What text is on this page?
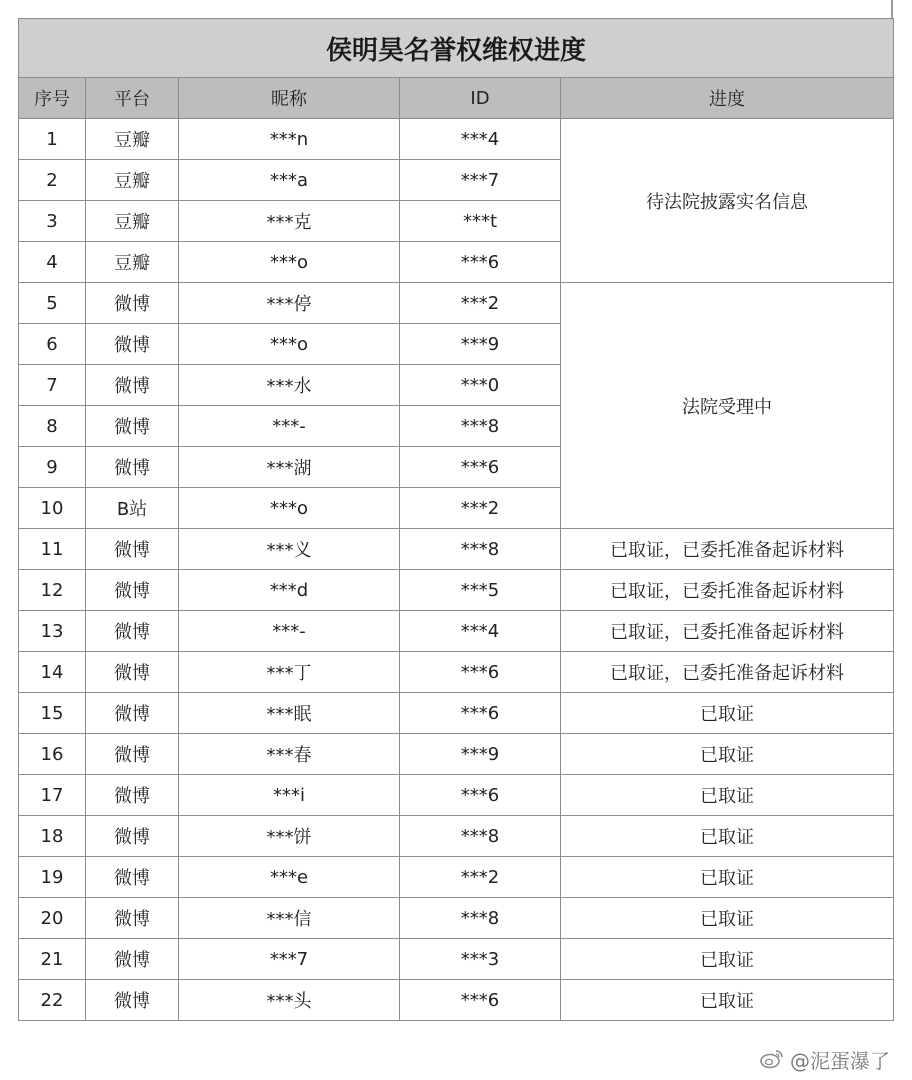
侯明昊名誉权维权进度				
序号	平台	昵称	ID	进度
1	豆瓣	***n	***4	待法院披露实名信息
2	豆瓣	***a	***7	
3	豆瓣	***克	***t	
4	豆瓣	***o	***6	
5	微博	***停	***2	法院受理中
6	微博	***o	***9	
7	微博	***水	***0	
8	微博	***-	***8	
9	微博	***湖	***6	
10	B站	***o	***2	
11	微博	***义	***8	已取证，已委托准备起诉材料
12	微博	***d	***5	已取证，已委托准备起诉材料
13	微博	***-	***4	已取证，已委托准备起诉材料
14	微博	***丁	***6	已取证，已委托准备起诉材料
15	微博	***眠	***6	已取证
16	微博	***春	***9	已取证
17	微博	***i	***6	已取证
18	微博	***饼	***8	已取证
19	微博	***e	***2	已取证
20	微博	***信	***8	已取证
21	微博	***7	***3	已取证
22	微博	***头	***6	已取证
@泥蛋瀑了
